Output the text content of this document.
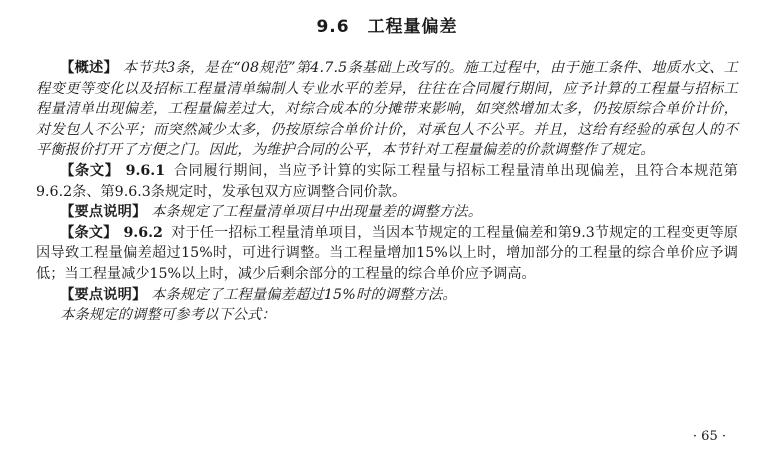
9.6 工程量偏差

【概述】 本节共3条，是在“08规范”第4.7.5条基础上改写的。施工过程中，由于施工条件、地质水文、工程变更等变化以及招标工程量清单编制人专业水平的差异，往往在合同履行期间，应予计算的工程量与招标工程量清单出现偏差，工程量偏差过大，对综合成本的分摊带来影响，如突然增加太多，仍按原综合单价计价，对发包人不公平；而突然减少太多，仍按原综合单价计价，对承包人不公平。并且，这给有经验的承包人的不平衡报价打开了方便之门。因此，为维护合同的公平，本节针对工程量偏差的价款调整作了规定。

【条文】 9.6.1 合同履行期间，当应予计算的实际工程量与招标工程量清单出现偏差，且符合本规范第9.6.2条、第9.6.3条规定时，发承包双方应调整合同价款。

【要点说明】 本条规定了工程量清单项目中出现量差的调整方法。

【条文】 9.6.2 对于任一招标工程量清单项目，当因本节规定的工程量偏差和第9.3节规定的工程变更等原因导致工程量偏差超过15%时，可进行调整。当工程量增加15%以上时，增加部分的工程量的综合单价应予调低；当工程量减少15%以上时，减少后剩余部分的工程量的综合单价应予调高。

【要点说明】 本条规定了工程量偏差超过15%时的调整方法。

本条规定的调整可参考以下公式：

· 65 ·
